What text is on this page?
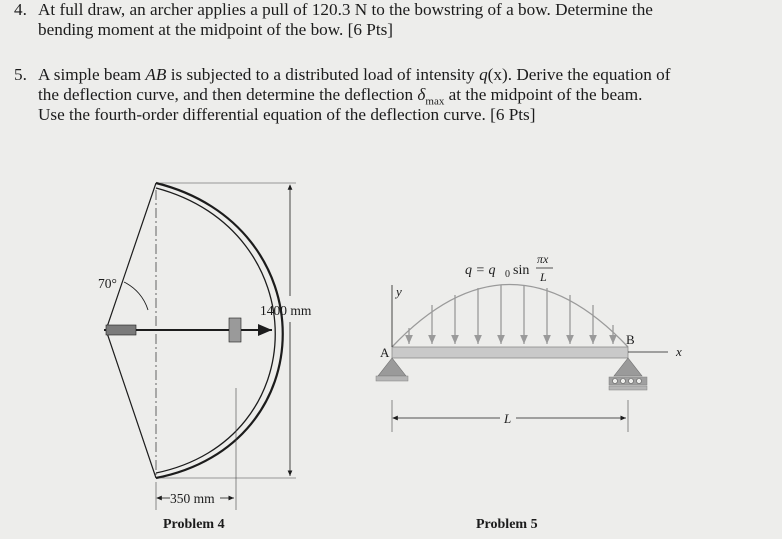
4. At full draw, an archer applies a pull of 120.3 N to the bowstring of a bow. Determine the
bending moment at the midpoint of the bow. [6 Pts]
5. A simple beam AB is subjected to a distributed load of intensity q(x). Derive the equation of
the deflection curve, and then determine the deflection $\delta_{max}$ at the midpoint of the beam.
Use the fourth-order differential equation of the deflection curve. [6 Pts]
1400 mm
350 mm
70°
Problem 4
y
x
A
B
L
q = q 0 sin
πx
L
Problem 5
